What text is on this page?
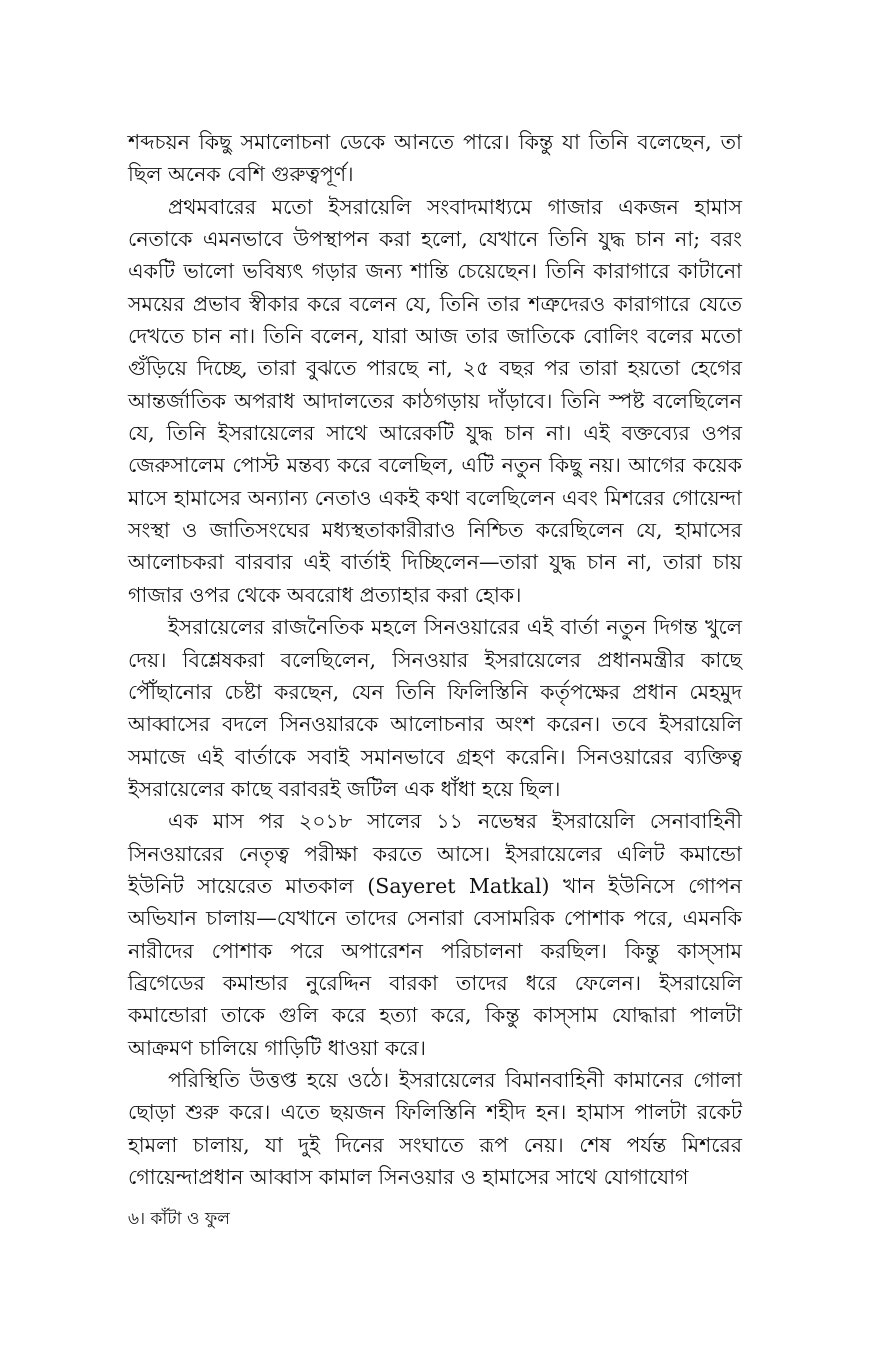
শব্দচয়ন কিছু সমালোচনা ডেকে আনতে পারে। কিন্তু যা তিনি বলেছেন, তা ছিল অনেক বেশি গুরুত্বপূর্ণ।

প্রথমবারের মতো ইসরায়েলি সংবাদমাধ্যমে গাজার একজন হামাস নেতাকে এমনভাবে উপস্থাপন করা হলো, যেখানে তিনি যুদ্ধ চান না; বরং একটি ভালো ভবিষ্যৎ গড়ার জন্য শান্তি চেয়েছেন। তিনি কারাগারে কাটানো সময়ের প্রভাব স্বীকার করে বলেন যে, তিনি তার শত্রুদেরও কারাগারে যেতে দেখতে চান না। তিনি বলেন, যারা আজ তার জাতিকে বোলিং বলের মতো গুঁড়িয়ে দিচ্ছে, তারা বুঝতে পারছে না, ২৫ বছর পর তারা হয়তো হেগের আন্তর্জাতিক অপরাধ আদালতের কাঠগড়ায় দাঁড়াবে। তিনি স্পষ্ট বলেছিলেন যে, তিনি ইসরায়েলের সাথে আরেকটি যুদ্ধ চান না। এই বক্তব্যের ওপর জেরুসালেম পোস্ট মন্তব্য করে বলেছিল, এটি নতুন কিছু নয়। আগের কয়েক মাসে হামাসের অন্যান্য নেতাও একই কথা বলেছিলেন এবং মিশরের গোয়েন্দা সংস্থা ও জাতিসংঘের মধ্যস্থতাকারীরাও নিশ্চিত করেছিলেন যে, হামাসের আলোচকরা বারবার এই বার্তাই দিচ্ছিলেন—তারা যুদ্ধ চান না, তারা চায় গাজার ওপর থেকে অবরোধ প্রত্যাহার করা হোক।

ইসরায়েলের রাজনৈতিক মহলে সিনওয়ারের এই বার্তা নতুন দিগন্ত খুলে দেয়। বিশ্লেষকরা বলেছিলেন, সিনওয়ার ইসরায়েলের প্রধানমন্ত্রীর কাছে পৌঁছানোর চেষ্টা করছেন, যেন তিনি ফিলিস্তিনি কর্তৃপক্ষের প্রধান মেহমুদ আব্বাসের বদলে সিনওয়ারকে আলোচনার অংশ করেন। তবে ইসরায়েলি সমাজে এই বার্তাকে সবাই সমানভাবে গ্রহণ করেনি। সিনওয়ারের ব্যক্তিত্ব ইসরায়েলের কাছে বরাবরই জটিল এক ধাঁধা হয়ে ছিল।

এক মাস পর ২০১৮ সালের ১১ নভেম্বর ইসরায়েলি সেনাবাহিনী সিনওয়ারের নেতৃত্ব পরীক্ষা করতে আসে। ইসরায়েলের এলিট কমান্ডো ইউনিট সায়েরেত মাতকাল (Sayeret Matkal) খান ইউনিসে গোপন অভিযান চালায়—যেখানে তাদের সেনারা বেসামরিক পোশাক পরে, এমনকি নারীদের পোশাক পরে অপারেশন পরিচালনা করছিল। কিন্তু কাস্সাম ব্রিগেডের কমান্ডার নুরেদ্দিন বারকা তাদের ধরে ফেলেন। ইসরায়েলি কমান্ডোরা তাকে গুলি করে হত্যা করে, কিন্তু কাস্সাম যোদ্ধারা পালটা আক্রমণ চালিয়ে গাড়িটি ধাওয়া করে।

পরিস্থিতি উত্তপ্ত হয়ে ওঠে। ইসরায়েলের বিমানবাহিনী কামানের গোলা ছোড়া শুরু করে। এতে ছয়জন ফিলিস্তিনি শহীদ হন। হামাস পালটা রকেট হামলা চালায়, যা দুই দিনের সংঘাতে রূপ নেয়। শেষ পর্যন্ত মিশরের গোয়েন্দাপ্রধান আব্বাস কামাল সিনওয়ার ও হামাসের সাথে যোগাযোগ

৬। কাঁটা ও ফুল
